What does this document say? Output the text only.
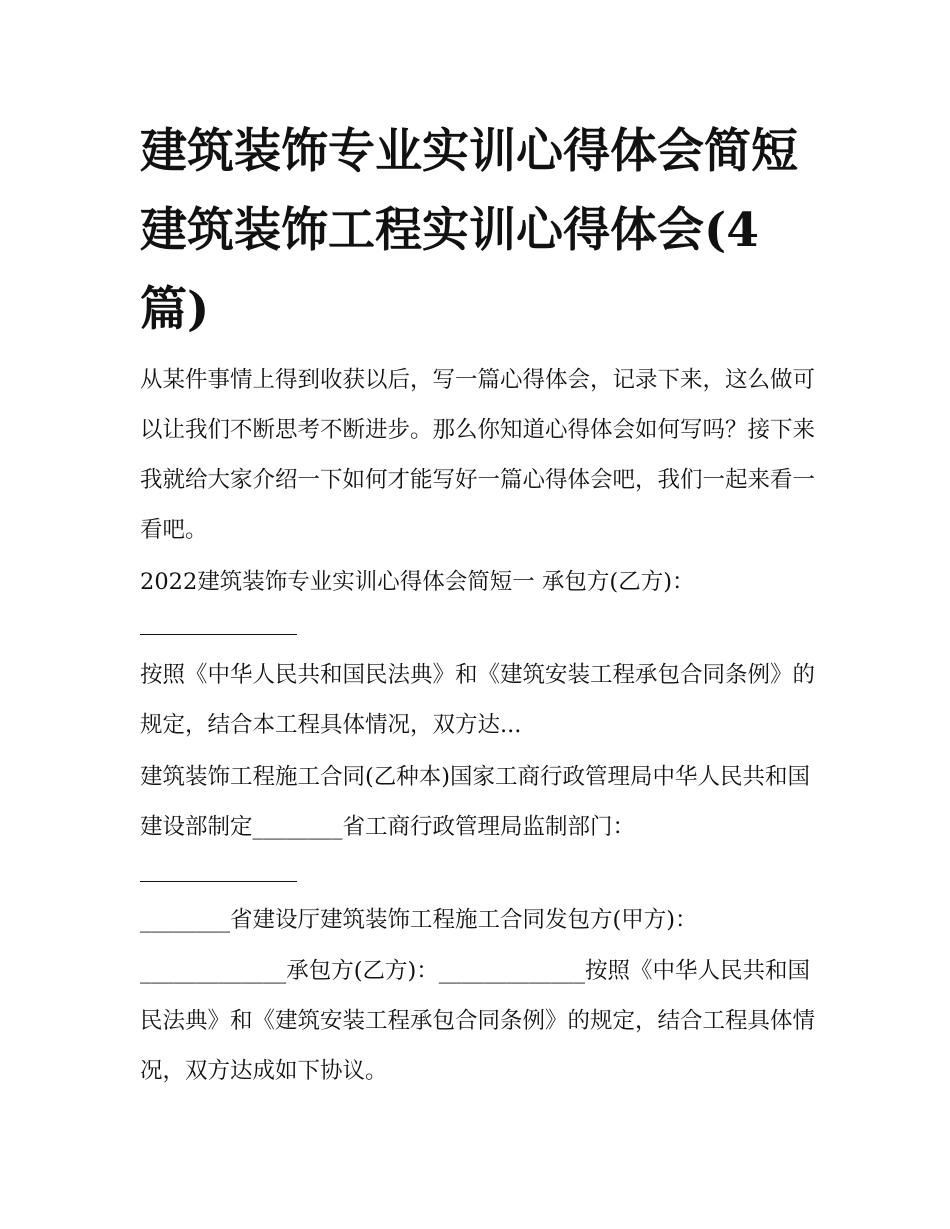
建筑装饰专业实训心得体会简短 建筑装饰工程实训心得体会(4篇)

从某件事情上得到收获以后，写一篇心得体会，记录下来，这么做可以让我们不断思考不断进步。那么你知道心得体会如何写吗？接下来我就给大家介绍一下如何才能写好一篇心得体会吧，我们一起来看一看吧。

2022建筑装饰专业实训心得体会简短一 承包方(乙方)：

按照《中华人民共和国民法典》和《建筑安装工程承包合同条例》的规定，结合本工程具体情况，双方达...

建筑装饰工程施工合同(乙种本)国家工商行政管理局中华人民共和国建设部制定________省工商行政管理局监制部门：

________省建设厅建筑装饰工程施工合同发包方(甲方)：

_____________承包方(乙方)：_____________按照《中华人民共和国民法典》和《建筑安装工程承包合同条例》的规定，结合工程具体情况，双方达成如下协议。
